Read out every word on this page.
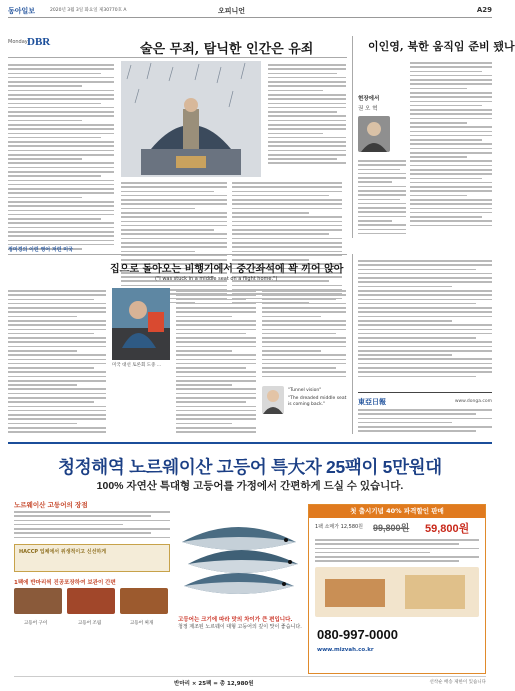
동아일보	2020년 3월 3일 화요일 제30770호 A	오피니언	A29
Monday DBR	술은 무죄, 탐닉한 인간은 유죄
정미경의 이런 영어 저런 미국
이인영, 북한 움직임 준비 됐나
현장에서
권 오 혁
집으로 돌아오는 비행기에서 중간좌석에 꽉 끼어 앉아
("I was stuck in a middle seat on a flight home.")
미국 대선 토론회 도중 ...
"Tunnel vision"
"The dreaded middle seat is coming back."	東亞日報	www.donga.com
청정해역 노르웨이산 고등어 특大자 25팩이 5만원대
100% 자연산 특대형 고등어를 가정에서 간편하게 드실 수 있습니다.
노르웨이산 고등어의 장점
HACCP 업체에서 위생적이고 신선하게
1팩에 반마리씩 진공포장하여 보관이 간편
고등어 구이	고등어 조림	고등어 찌개
첫 출시기념 40% 파격할인 판매
1팩 소매가 12,580원 99,800원 59,800원
080-997-0000
www.mizvah.co.kr
고등어는 크기에 따라 맛의 차이가 큰 편입니다.
청정 제조된 노르웨이 대형 고등어의 깊이 맛이 좋습니다.
반마리 × 25팩 = 총 12,980원	선착순 배송 제한이 있습니다
